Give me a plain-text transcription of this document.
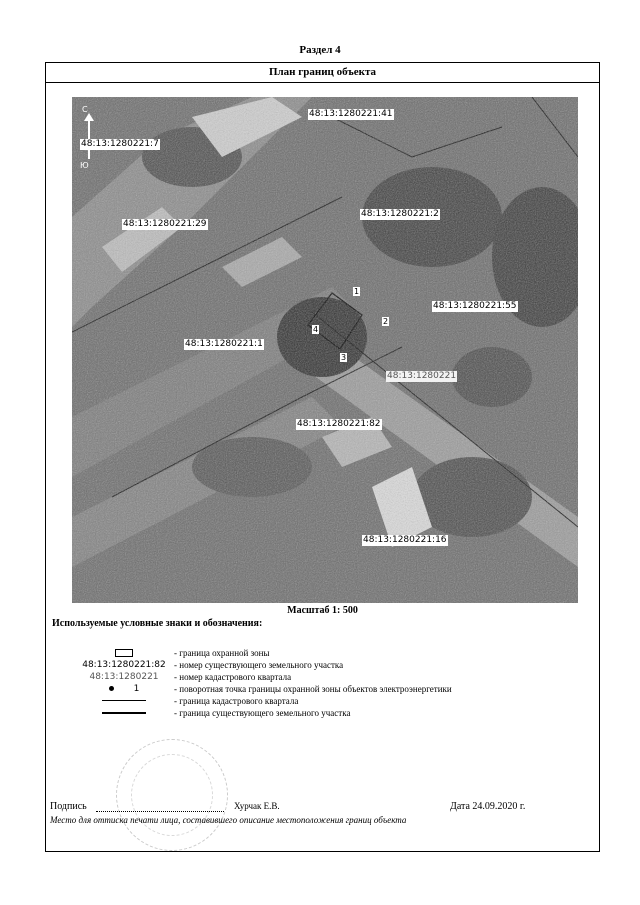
Раздел 4
План границ объекта
С
Ю
48:13:1280221:41
48:13:1280221:7
48:13:1280221:29
48:13:1280221:2
48:13:1280221:55
48:13:1280221:1
48:13:1280221
48:13:1280221:82
48:13:1280221:16
1
2
3
4
Масштаб 1: 500
Используемые условные знаки и обозначения:
- граница охранной зоны
48:13:1280221:82 - номер существующего земельного участка
48:13:1280221	- номер кадастрового квартала
1	- поворотная точка границы охранной зоны объектов электроэнергетики
- граница кадастрового квартала
- граница существующего земельного участка
Подпись	Хурчак Е.В.	Дата 24.09.2020 г.
Место для оттиска печати лица, составившего описание местоположения границ объекта
